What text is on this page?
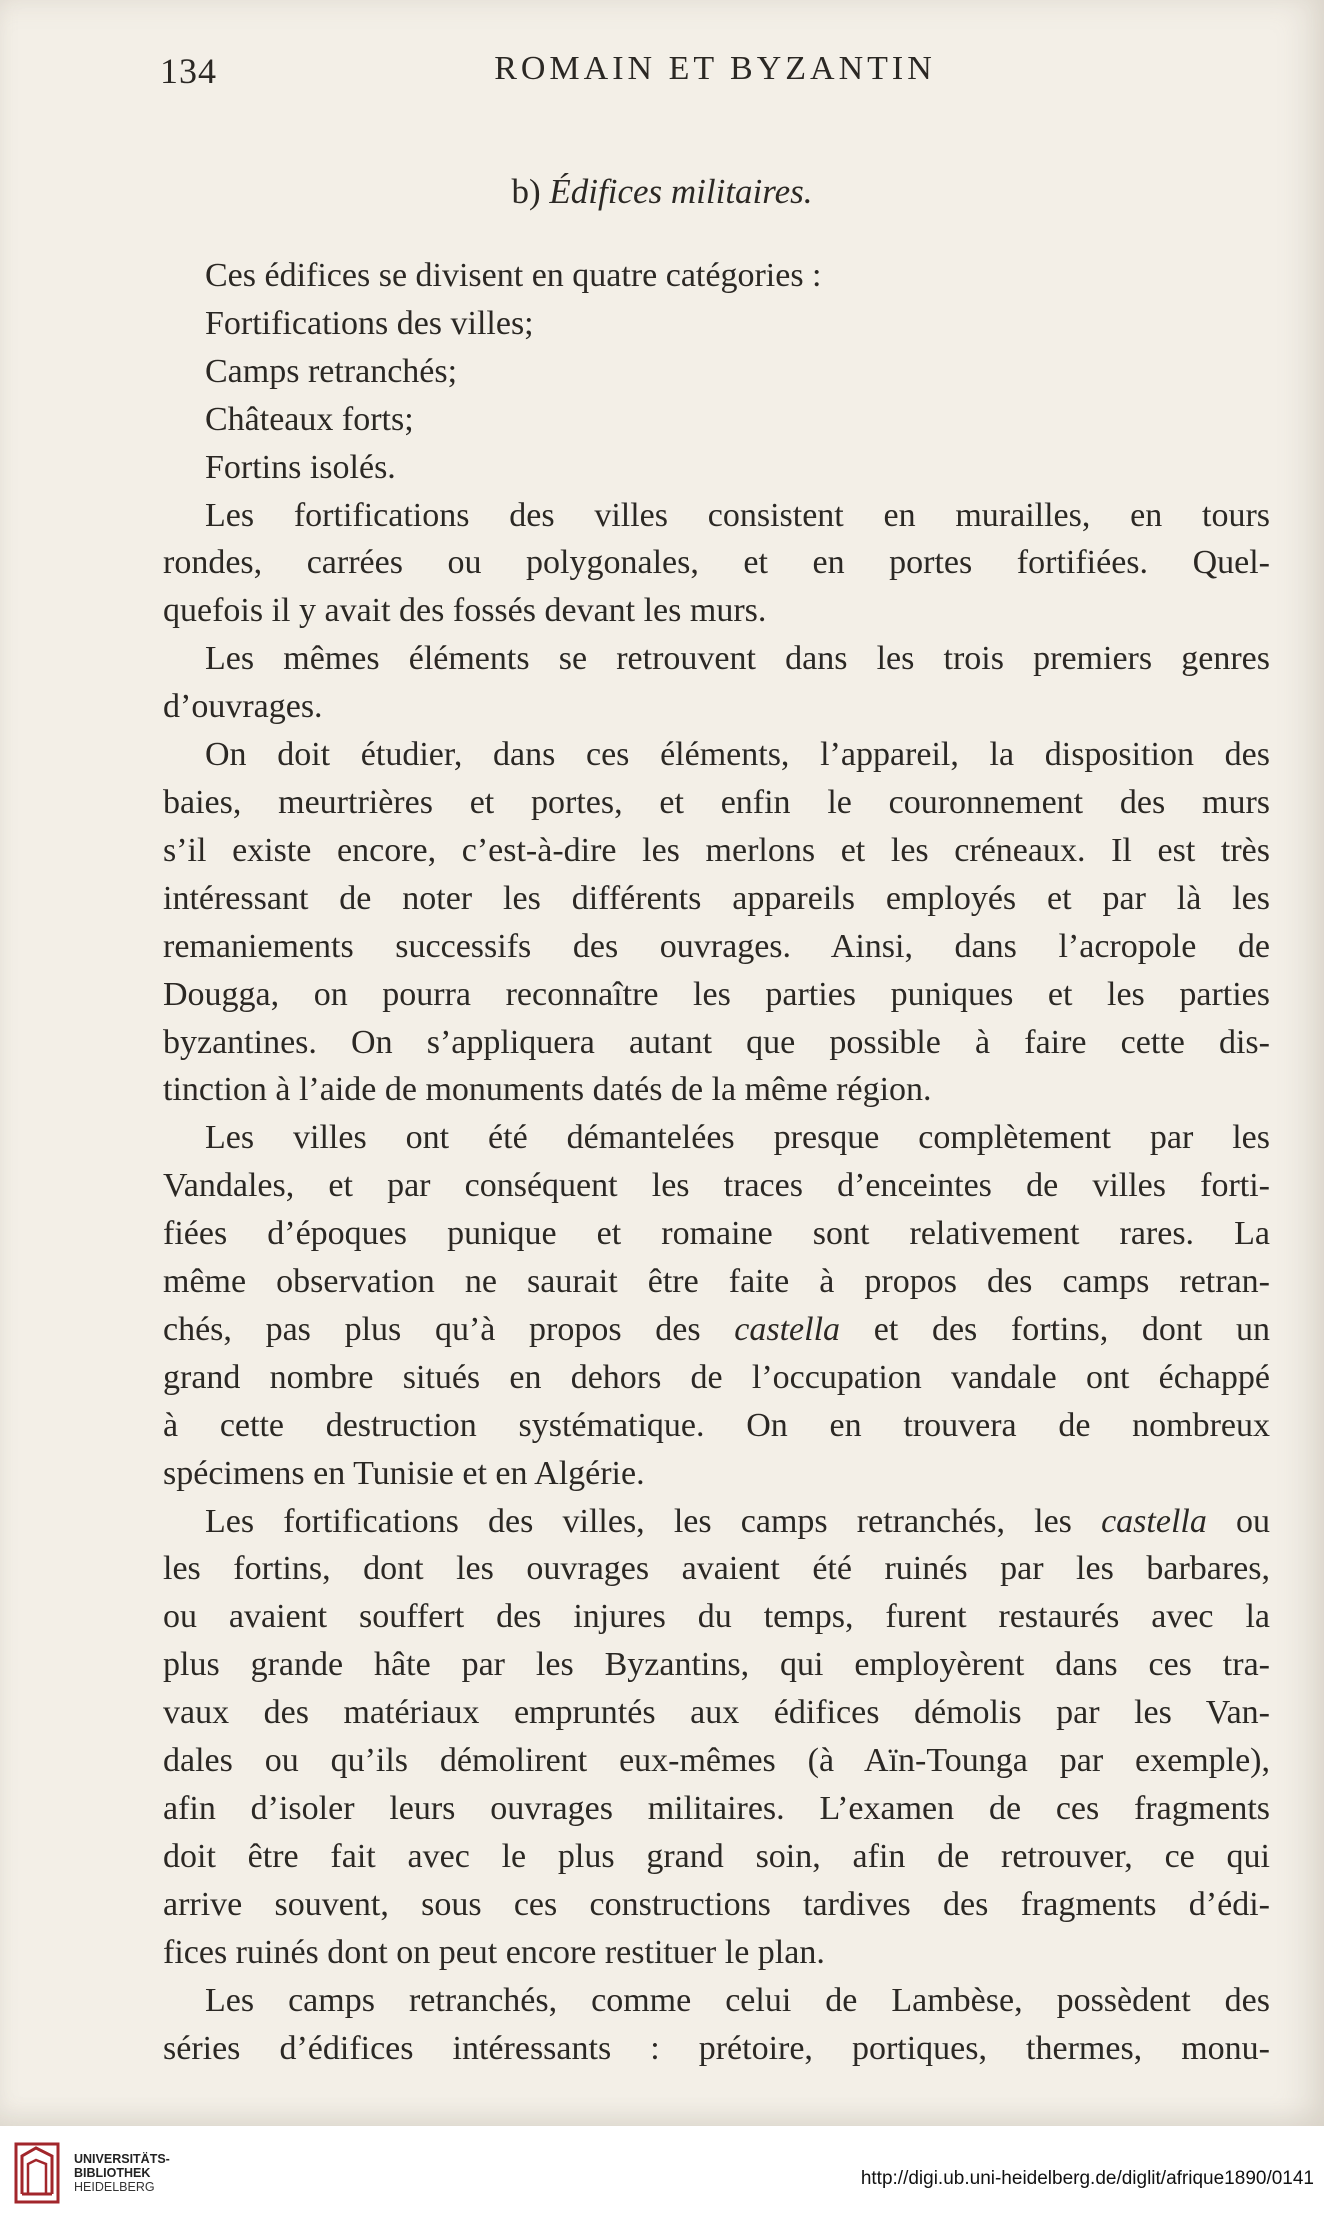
134	ROMAIN ET BYZANTIN
b) Édifices militaires.
Ces édifices se divisent en quatre catégories :
Fortifications des villes;
Camps retranchés;
Châteaux forts;
Fortins isolés.
Les fortifications des villes consistent en murailles, en tours
rondes, carrées ou polygonales, et en portes fortifiées. Quel-
quefois il y avait des fossés devant les murs.
Les mêmes éléments se retrouvent dans les trois premiers genres
d’ouvrages.
On doit étudier, dans ces éléments, l’appareil, la disposition des
baies, meurtrières et portes, et enfin le couronnement des murs
s’il existe encore, c’est-à-dire les merlons et les créneaux. Il est très
intéressant de noter les différents appareils employés et par là les
remaniements successifs des ouvrages. Ainsi, dans l’acropole de
Dougga, on pourra reconnaître les parties puniques et les parties
byzantines. On s’appliquera autant que possible à faire cette dis-
tinction à l’aide de monuments datés de la même région.
Les villes ont été démantelées presque complètement par les
Vandales, et par conséquent les traces d’enceintes de villes forti-
fiées d’époques punique et romaine sont relativement rares. La
même observation ne saurait être faite à propos des camps retran-
chés, pas plus qu’à propos des castella et des fortins, dont un
grand nombre situés en dehors de l’occupation vandale ont échappé
à cette destruction systématique. On en trouvera de nombreux
spécimens en Tunisie et en Algérie.
Les fortifications des villes, les camps retranchés, les castella ou
les fortins, dont les ouvrages avaient été ruinés par les barbares,
ou avaient souffert des injures du temps, furent restaurés avec la
plus grande hâte par les Byzantins, qui employèrent dans ces tra-
vaux des matériaux empruntés aux édifices démolis par les Van-
dales ou qu’ils démolirent eux-mêmes (à Aïn-Tounga par exemple),
afin d’isoler leurs ouvrages militaires. L’examen de ces fragments
doit être fait avec le plus grand soin, afin de retrouver, ce qui
arrive souvent, sous ces constructions tardives des fragments d’édi-
fices ruinés dont on peut encore restituer le plan.
Les camps retranchés, comme celui de Lambèse, possèdent des
séries d’édifices intéressants : prétoire, portiques, thermes, monu-
UNIVERSITÄTS-
BIBLIOTHEK
HEIDELBERG	http://digi.ub.uni-heidelberg.de/diglit/afrique1890/0141
